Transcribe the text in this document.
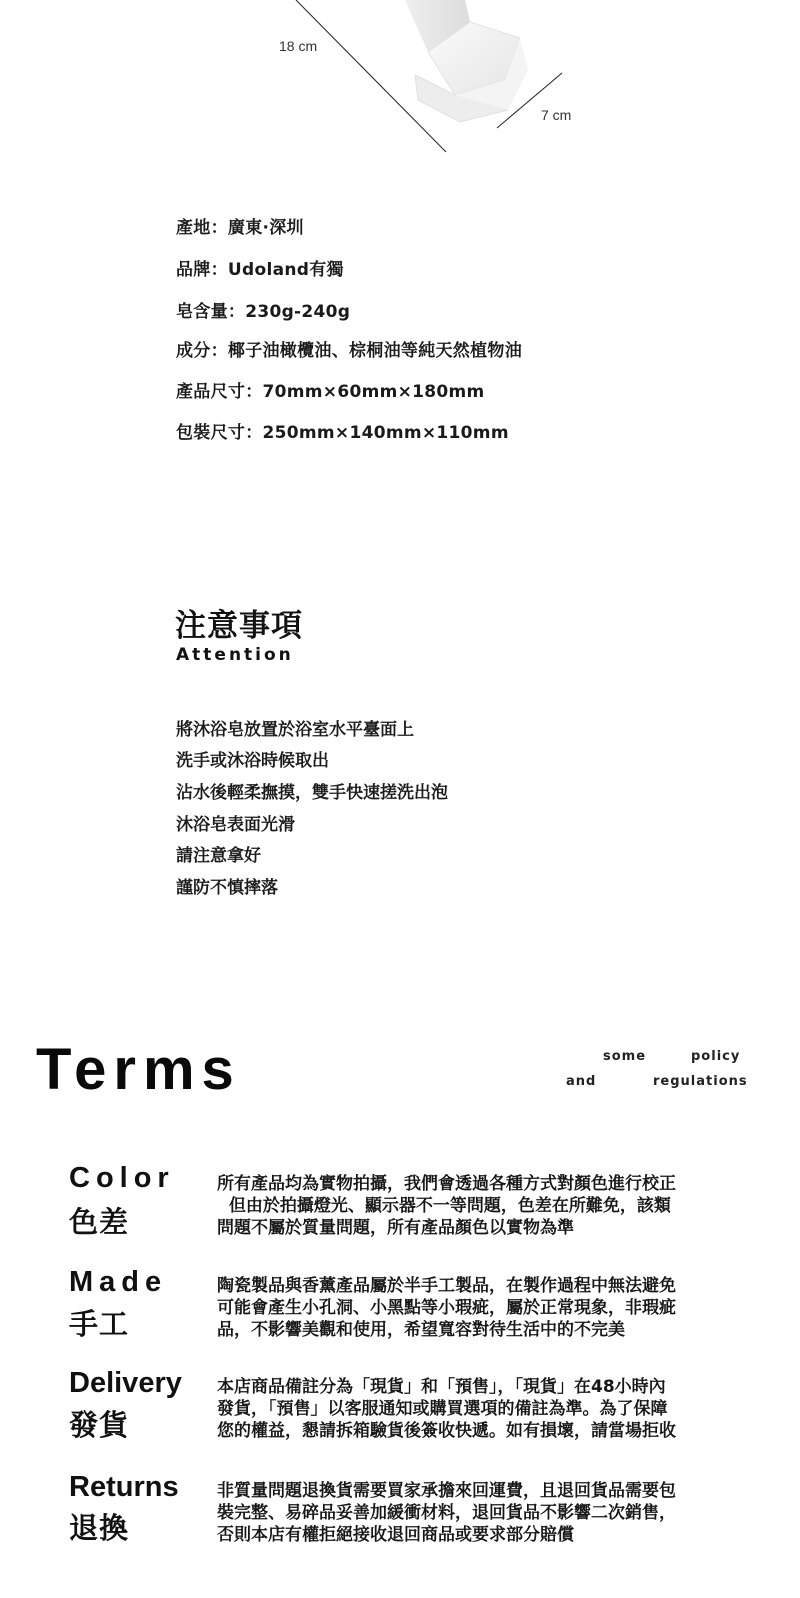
18 cm
7 cm
產地：廣東·深圳
品牌：Udoland有獨
皂含量：230g-240g
成分：椰子油橄欖油、棕桐油等純天然植物油
產品尺寸：70mm×60mm×180mm
包裝尺寸：250mm×140mm×110mm
注意事項
Attention
將沐浴皂放置於浴室水平臺面上
洗手或沐浴時候取出
沾水後輕柔撫摸，雙手快速搓洗出泡
沐浴皂表面光滑
請注意拿好
謹防不慎摔落
Terms	some	policy
and	regulations
Color
色差
所有產品均為實物拍攝，我們會透過各種方式對顏色進行校正
但由於拍攝燈光、顯示器不一等問題，色差在所難免，該類
問題不屬於質量問題，所有產品顏色以實物為準
Made
手工
陶瓷製品與香薰產品屬於半手工製品，在製作過程中無法避免
可能會產生小孔洞、小黑點等小瑕疵，屬於正常現象，非瑕疵
品，不影響美觀和使用，希望寬容對待生活中的不完美
Delivery
發貨
本店商品備註分為「現貨」和「預售」，「現貨」在48小時內
發貨，「預售」以客服通知或購買選項的備註為準。為了保障
您的權益，懇請拆箱驗貨後簽收快遞。如有損壞，請當場拒收
Returns
退換
非質量問題退換貨需要買家承擔來回運費，且退回貨品需要包
裝完整、易碎品妥善加緩衝材料，退回貨品不影響二次銷售，
否則本店有權拒絕接收退回商品或要求部分賠償
